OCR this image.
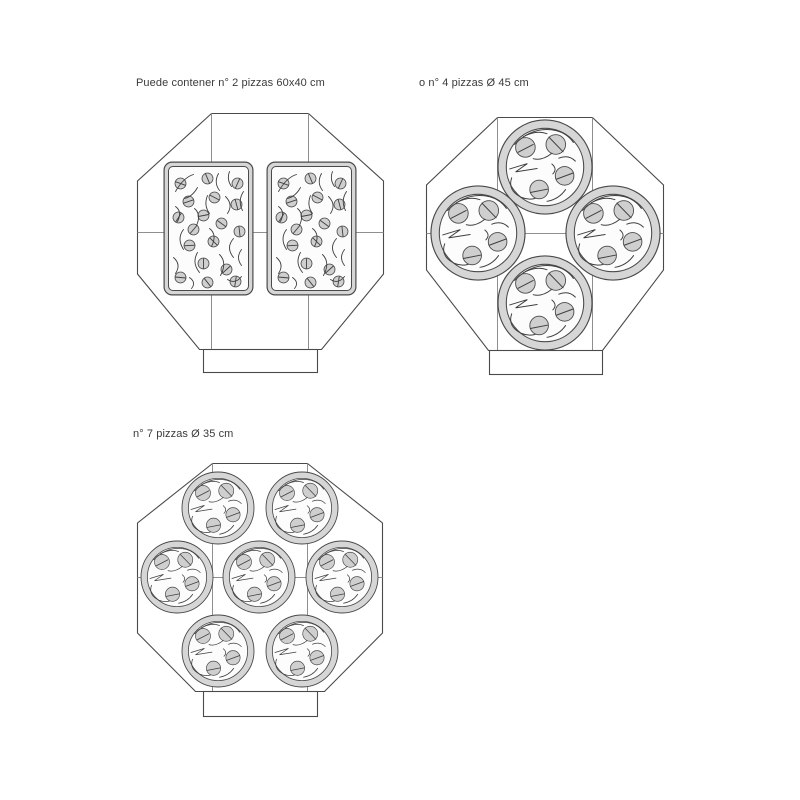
Puede contener n° 2 pizzas 60x40 cm	o n° 4 pizzas Ø 45 cm
n° 7 pizzas Ø 35 cm
